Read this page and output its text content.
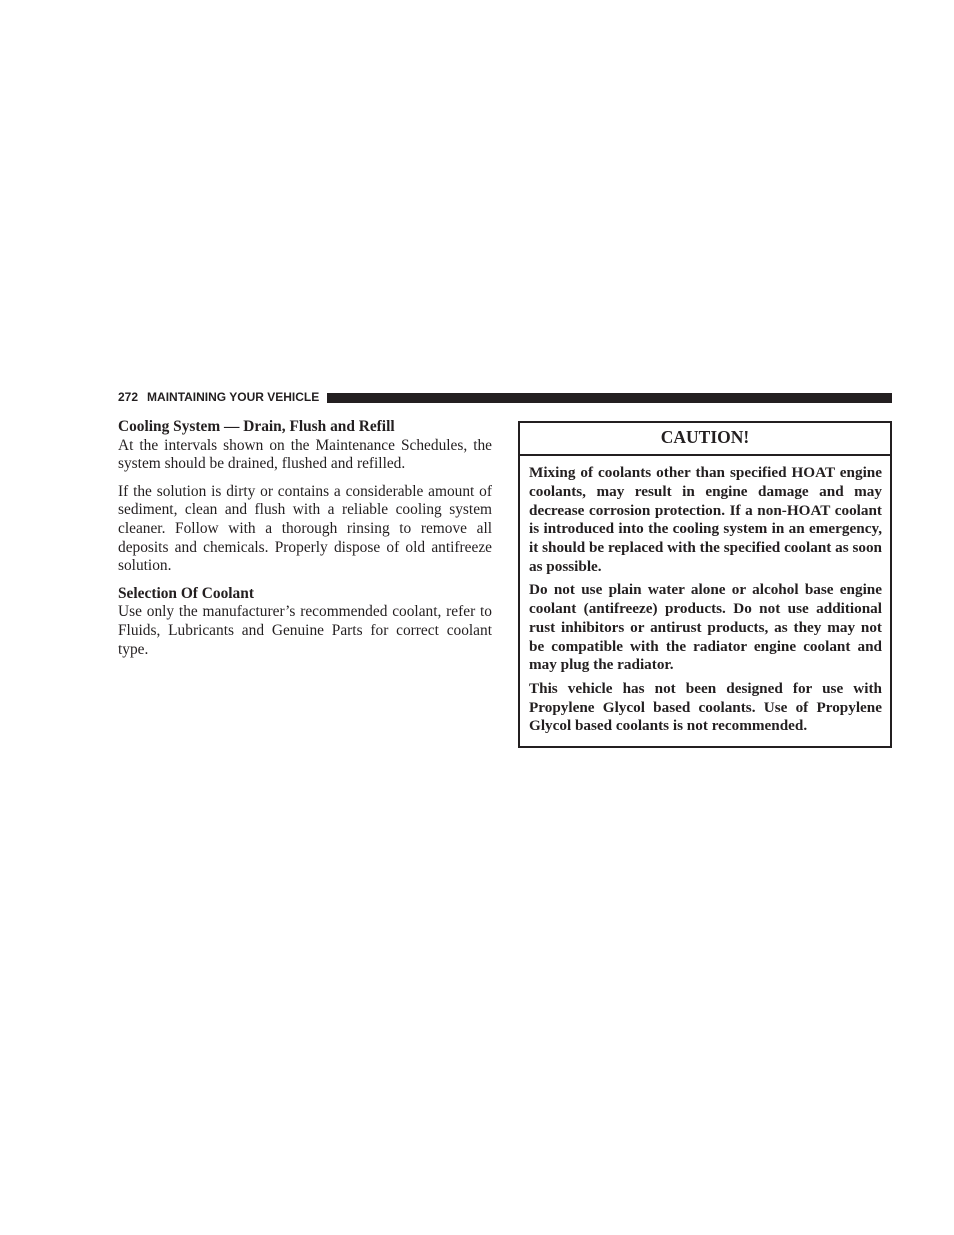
272 MAINTAINING YOUR VEHICLE
Cooling System — Drain, Flush and Refill

At the intervals shown on the Maintenance Schedules, the system should be drained, flushed and refilled.

If the solution is dirty or contains a considerable amount of sediment, clean and flush with a reliable cooling system cleaner. Follow with a thorough rinsing to remove all deposits and chemicals. Properly dispose of old antifreeze solution.

Selection Of Coolant

Use only the manufacturer’s recommended coolant, refer to Fluids, Lubricants and Genuine Parts for correct coolant type.

CAUTION!

Mixing of coolants other than specified HOAT engine coolants, may result in engine damage and may decrease corrosion protection. If a non-HOAT coolant is introduced into the cooling system in an emergency, it should be replaced with the specified coolant as soon as possible.

Do not use plain water alone or alcohol base engine coolant (antifreeze) products. Do not use additional rust inhibitors or antirust products, as they may not be compatible with the radiator engine coolant and may plug the radiator.

This vehicle has not been designed for use with Propylene Glycol based coolants. Use of Propylene Glycol based coolants is not recommended.
